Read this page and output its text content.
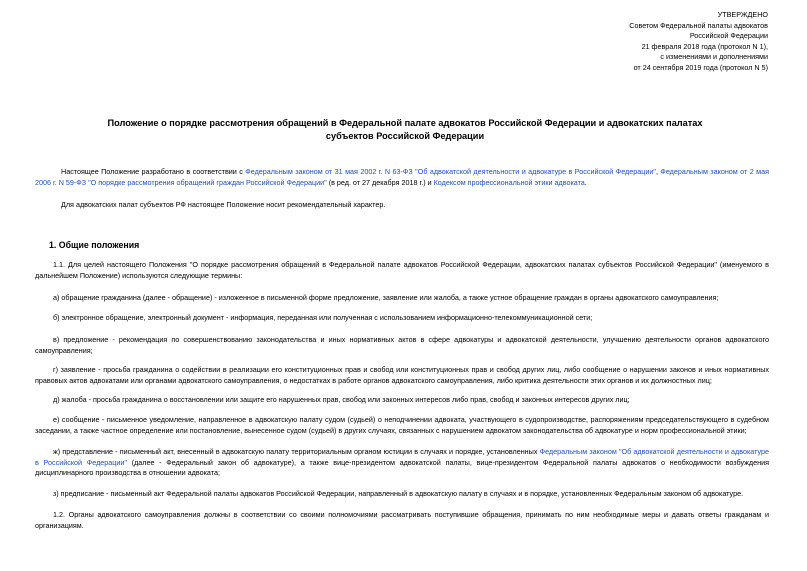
УТВЕРЖДЕНО
Советом Федеральной палаты адвокатов
Российской Федерации
21 февраля 2018 года (протокол N 1),
с изменениями и дополнениями
от 24 сентября 2019 года (протокол N 5)
Положение о порядке рассмотрения обращений в Федеральной палате адвокатов Российской Федерации и адвокатских палатах субъектов Российской Федерации
Настоящее Положение разработано в соответствии с Федеральным законом от 31 мая 2002 г. N 63-ФЗ "Об адвокатской деятельности и адвокатуре в Российской Федерации", Федеральным законом от 2 мая 2006 г. N 59-ФЗ "О порядке рассмотрения обращений граждан Российской Федерации" (в ред. от 27 декабря 2018 г.) и Кодексом профессиональной этики адвоката.
Для адвокатских палат субъектов РФ настоящее Положение носит рекомендательный характер.
1. Общие положения
1.1. Для целей настоящего Положения "О порядке рассмотрения обращений в Федеральной палате адвокатов Российской Федерации, адвокатских палатах субъектов Российской Федерации" (именуемого в дальнейшем Положение) используются следующие термины:
а) обращение гражданина (далее - обращение) - изложенное в письменной форме предложение, заявление или жалоба, а также устное обращение граждан в органы адвокатского самоуправления;
б) электронное обращение, электронный документ - информация, переданная или полученная с использованием информационно-телекоммуникационной сети;
в) предложение - рекомендация по совершенствованию законодательства и иных нормативных актов в сфере адвокатуры и адвокатской деятельности, улучшению деятельности органов адвокатского самоуправления;
г) заявление - просьба гражданина о содействии в реализации его конституционных прав и свобод или конституционных прав и свобод других лиц, либо сообщение о нарушении законов и иных нормативных правовых актов адвокатами или органами адвокатского самоуправления, о недостатках в работе органов адвокатского самоуправления, либо критика деятельности этих органов и их должностных лиц;
д) жалоба - просьба гражданина о восстановлении или защите его нарушенных прав, свобод или законных интересов либо прав, свобод и законных интересов других лиц;
е) сообщение - письменное уведомление, направленное в адвокатскую палату судом (судьей) о неподчинении адвоката, участвующего в судопроизводстве, распоряжениям председательствующего в судебном заседании, а также частное определение или постановление, вынесенное судом (судьей) в других случаях, связанных с нарушением адвокатом законодательства об адвокатуре и норм профессиональной этики;
ж) представление - письменный акт, внесенный в адвокатскую палату территориальным органом юстиции в случаях и порядке, установленных Федеральным законом "Об адвокатской деятельности и адвокатуре в Российской Федерации" (далее - Федеральный закон об адвокатуре), а также вице-президентом адвокатской палаты, вице-президентом Федеральной палаты адвокатов о необходимости возбуждения дисциплинарного производства в отношении адвоката;
з) предписание - письменный акт Федеральной палаты адвокатов Российской Федерации, направленный в адвокатскую палату в случаях и в порядке, установленных Федеральным законом об адвокатуре.
1.2. Органы адвокатского самоуправления должны в соответствии со своими полномочиями рассматривать поступившие обращения, принимать по ним необходимые меры и давать ответы гражданам и организациям.
